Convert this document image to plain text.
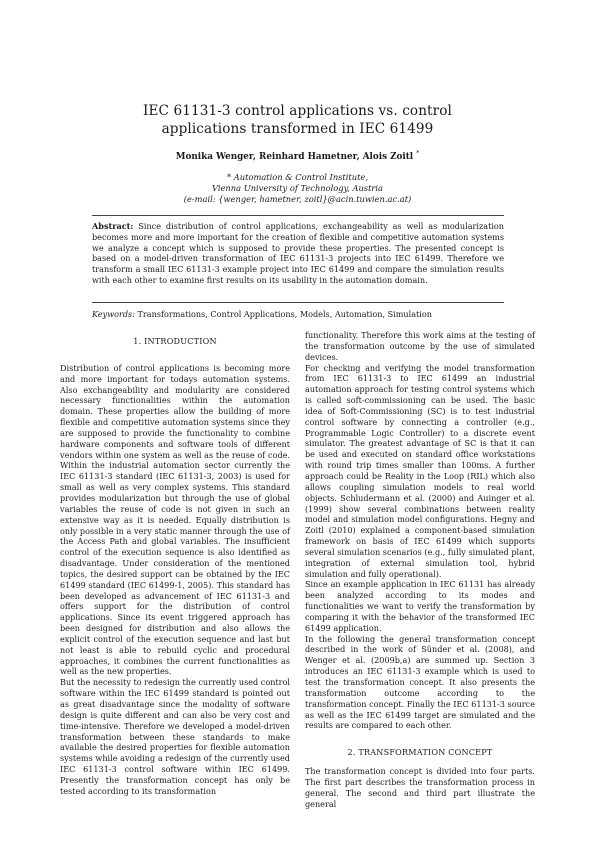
IEC 61131-3 control applications vs. control
applications transformed in IEC 61499
Monika Wenger, Reinhard Hametner, Alois Zoitl *
* Automation & Control Institute,
Vienna University of Technology, Austria
(e-mail: {wenger, hametner, zoitl}@acin.tuwien.ac.at)
Abstract: Since distribution of control applications, exchangeability as well as modularization becomes more and more important for the creation of flexible and competitive automation systems we analyze a concept which is supposed to provide these properties. The presented concept is based on a model-driven transformation of IEC 61131-3 projects into IEC 61499. Therefore we transform a small IEC 61131-3 example project into IEC 61499 and compare the simulation results with each other to examine first results on its usability in the automation domain.
Keywords: Transformations, Control Applications, Models, Automation, Simulation

1. INTRODUCTION

Distribution of control applications is becoming more and more important for todays automation systems. Also exchangeability and modularity are considered necessary functionalities within the automation domain. These properties allow the building of more flexible and competitive automation systems since they are supposed to provide the functionality to combine hardware components and software tools of different vendors within one system as well as the reuse of code. Within the industrial automation sector currently the IEC 61131-3 standard (IEC 61131-3, 2003) is used for small as well as very complex systems. This standard provides modularization but through the use of global variables the reuse of code is not given in such an extensive way as it is needed. Equally distribution is only possible in a very static manner through the use of the Access Path and global variables. The insufficient control of the execution sequence is also identified as disadvantage. Under consideration of the mentioned topics, the desired support can be obtained by the IEC 61499 standard (IEC 61499-1, 2005). This standard has been developed as advancement of IEC 61131-3 and offers support for the distribution of control applications. Since its event triggered approach has been designed for distribution and also allows the explicit control of the execution sequence and last but not least is able to rebuild cyclic and procedural approaches, it combines the current functionalities as well as the new properties.

But the necessity to redesign the currently used control software within the IEC 61499 standard is pointed out as great disadvantage since the modality of software design is quite different and can also be very cost and time-intensive. Therefore we developed a model-driven transformation between these standards to make available the desired properties for flexible automation systems while avoiding a redesign of the currently used IEC 61131-3 control software within IEC 61499. Presently the transformation concept has only be tested according to its transformation

functionality. Therefore this work aims at the testing of the transformation outcome by the use of simulated devices.

For checking and verifying the model transformation from IEC 61131-3 to IEC 61499 an industrial automation approach for testing control systems which is called soft-commissioning can be used. The basic idea of Soft-Commissioning (SC) is to test industrial control software by connecting a controller (e.g., Programmable Logic Controller) to a discrete event simulator. The greatest advantage of SC is that it can be used and executed on standard office workstations with round trip times smaller than 100ms. A further approach could be Reality in the Loop (RIL) which also allows coupling simulation models to real world objects. Schludermann et al. (2000) and Auinger et al. (1999) show several combinations between reality model and simulation model configurations. Hegny and Zoitl (2010) explained a component-based simulation framework on basis of IEC 61499 which supports several simulation scenarios (e.g., fully simulated plant, integration of external simulation tool, hybrid simulation and fully operational).

Since an example application in IEC 61131 has already been analyzed according to its modes and functionalities we want to verify the transformation by comparing it with the behavior of the transformed IEC 61499 application.

In the following the general transformation concept described in the work of Sünder et al. (2008), and Wenger et al. (2009b,a) are summed up. Section 3 introduces an IEC 61131-3 example which is used to test the transformation concept. It also presents the transformation outcome according to the transformation concept. Finally the IEC 61131-3 source as well as the IEC 61499 target are simulated and the results are compared to each other.

2. TRANSFORMATION CONCEPT

The transformation concept is divided into four parts. The first part describes the transformation process in general. The second and third part illustrate the general
